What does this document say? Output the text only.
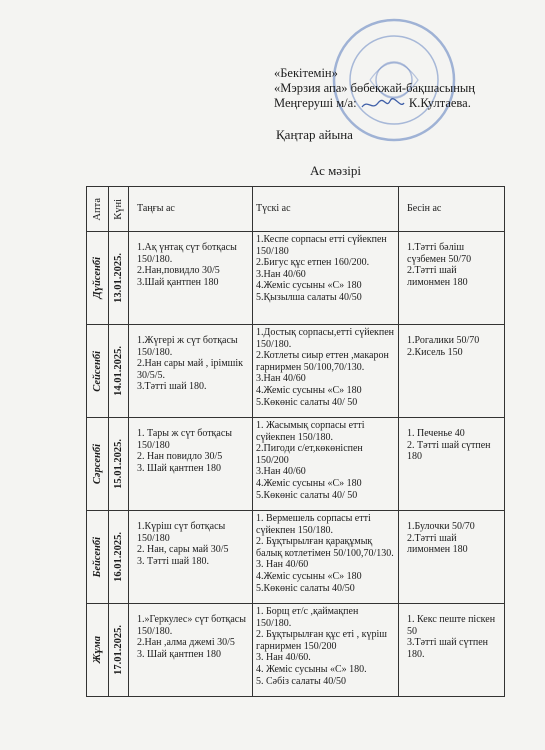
«Бекітемін»
«Мэрзия апа» бөбекжай-бақшасының
Меңгеруші м/а:	К.Култаева.
Қаңтар айына
Ас мәзірі
Апта	Күні	Таңғы ас	Түскі ас	Бесін ас

Дүйсенбі	13.01.2025.	1.Ақ үнтақ сүт ботқасы 150/180.
2.Нан,повидло 30/5
3.Шай қантпен 180	1.Кеспе сорпасы етті сүйекпен 150/180
2.Бигус құс етпен 160/200.
3.Нан 40/60
4.Жеміс сусыны «С» 180
5.Қызылша салаты 40/50	1.Тәтті бәліш сүзбемен 50/70
2.Тәтті шай лимонмен 180

Сейсенбі	14.01.2025.	1.Жүгері ж сүт ботқасы 150/180.
2.Нан сары май , ірімшік 30/5/5.
3.Тәтті шай 180.	1.Достық сорпасы,етті сүйекпен 150/180.
2.Котлеты сиыр еттен ,макарон гарнирмен 50/100,70/130.
3.Нан 40/60
4.Жеміс сусыны «С» 180
5.Көкөніс салаты 40/ 50	1.Рогалики 50/70
2.Кисель 150

Сәрсенбі	15.01.2025.	1. Тары ж сүт ботқасы 150/180
2. Нан повидло 30/5
3. Шай қантпен 180	1. Жасымық сорпасы етті сүйекпен 150/180.
2.Пигоди с/ет,көкөніспен 150/200
3.Нан 40/60
4.Жеміс сусыны «С» 180
5.Көкөніс салаты 40/ 50	1. Печенье 40
2. Тәтті шай сүтпен 180

Бейсенбі	16.01.2025.	1.Күріш сүт ботқасы 150/180
2. Нан, сары май 30/5
3. Тәтті шай 180.	1. Вермешель сорпасы етті сүйекпен 150/180.
2. Бұқтырылған қарақұмық балық котлетімен 50/100,70/130.
3. Нан 40/60
4.Жеміс сусыны «С» 180
5.Көкөніс салаты 40/50	1.Булочки 50/70
2.Тәтті шай лимонмен 180

Жұма	17.01.2025.	1.»Геркулес» сүт ботқасы 150/180.
2.Нан ,алма джемі 30/5
3. Шай қантпен 180	1. Борщ ет/с ,қаймақпен 150/180.
2. Бұқтырылған құс еті , күріш гарнирмен 150/200
3. Нан 40/60.
4. Жеміс сусыны «С» 180.
5. Сәбіз салаты 40/50	1. Кекс пеште піскен 50
3.Тәтті шай сүтпен 180.
